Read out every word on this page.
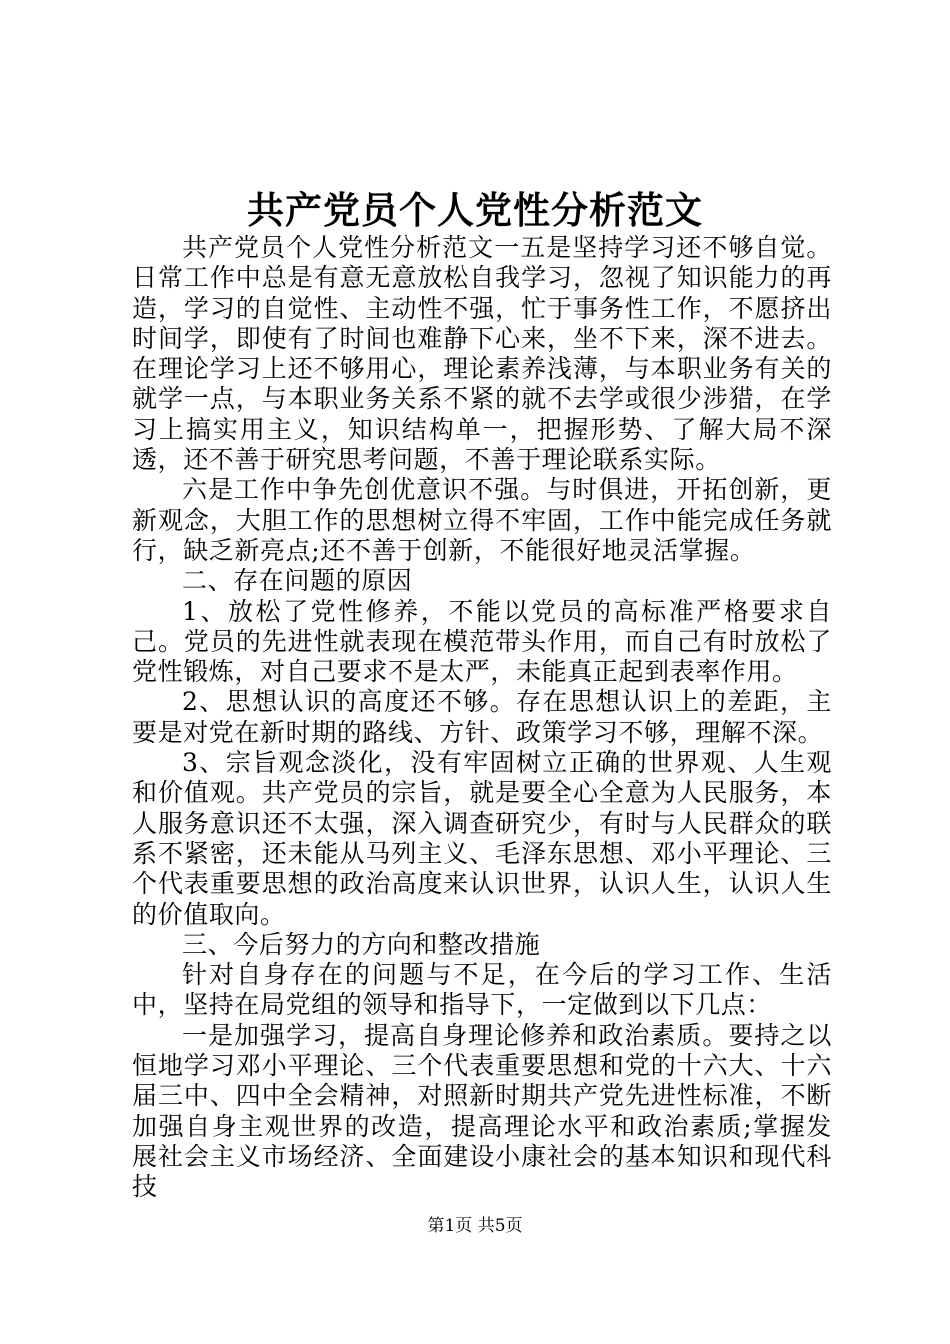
共产党员个人党性分析范文

共产党员个人党性分析范文一五是坚持学习还不够自觉。日常工作中总是有意无意放松自我学习，忽视了知识能力的再造，学习的自觉性、主动性不强，忙于事务性工作，不愿挤出时间学，即使有了时间也难静下心来，坐不下来，深不进去。在理论学习上还不够用心，理论素养浅薄，与本职业务有关的就学一点，与本职业务关系不紧的就不去学或很少涉猎，在学习上搞实用主义，知识结构单一，把握形势、了解大局不深透，还不善于研究思考问题，不善于理论联系实际。

六是工作中争先创优意识不强。与时俱进，开拓创新，更新观念，大胆工作的思想树立得不牢固，工作中能完成任务就行，缺乏新亮点;还不善于创新，不能很好地灵活掌握。

二、存在问题的原因

1、放松了党性修养，不能以党员的高标准严格要求自己。党员的先进性就表现在模范带头作用，而自己有时放松了党性锻炼，对自己要求不是太严，未能真正起到表率作用。

2、思想认识的高度还不够。存在思想认识上的差距，主要是对党在新时期的路线、方针、政策学习不够，理解不深。

3、宗旨观念淡化，没有牢固树立正确的世界观、人生观和价值观。共产党员的宗旨，就是要全心全意为人民服务，本人服务意识还不太强，深入调查研究少，有时与人民群众的联系不紧密，还未能从马列主义、毛泽东思想、邓小平理论、三个代表重要思想的政治高度来认识世界，认识人生，认识人生的价值取向。

三、今后努力的方向和整改措施

针对自身存在的问题与不足，在今后的学习工作、生活中，坚持在局党组的领导和指导下，一定做到以下几点：

一是加强学习，提高自身理论修养和政治素质。要持之以恒地学习邓小平理论、三个代表重要思想和党的十六大、十六届三中、四中全会精神，对照新时期共产党先进性标准，不断加强自身主观世界的改造，提高理论水平和政治素质;掌握发展社会主义市场经济、全面建设小康社会的基本知识和现代科技

第1页 共5页
